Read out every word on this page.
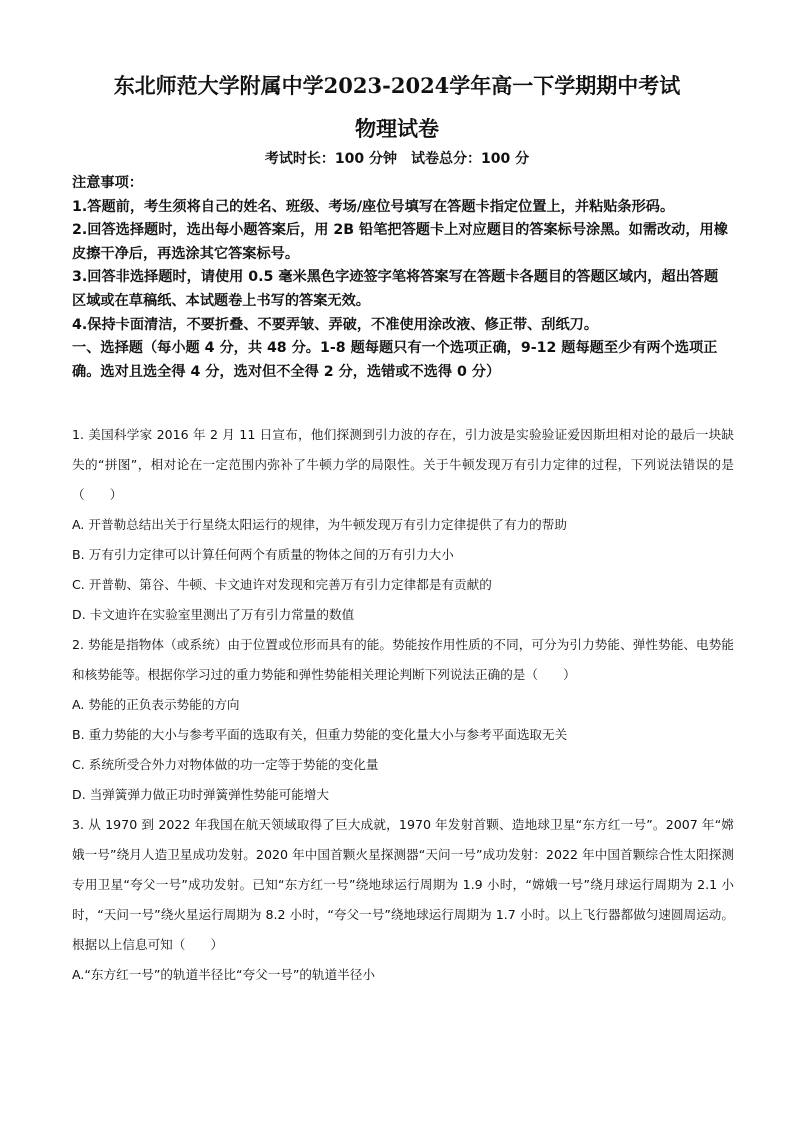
东北师范大学附属中学2023-2024学年高一下学期期中考试
物理试卷
考试时长：100 分钟　试卷总分：100 分

注意事项：

1.答题前，考生须将自己的姓名、班级、考场/座位号填写在答题卡指定位置上，并粘贴条形码。

2.回答选择题时，选出每小题答案后，用 2B 铅笔把答题卡上对应题目的答案标号涂黑。如需改动，用橡皮擦干净后，再选涂其它答案标号。

3.回答非选择题时，请使用 0.5 毫米黑色字迹签字笔将答案写在答题卡各题目的答题区域内，超出答题区域或在草稿纸、本试题卷上书写的答案无效。

4.保持卡面清洁，不要折叠、不要弄皱、弄破，不准使用涂改液、修正带、刮纸刀。

一、选择题（每小题 4 分，共 48 分。1-8 题每题只有一个选项正确，9-12 题每题至少有两个选项正确。选对且选全得 4 分，选对但不全得 2 分，选错或不选得 0 分）

1. 美国科学家 2016 年 2 月 11 日宣布，他们探测到引力波的存在，引力波是实验验证爱因斯坦相对论的最后一块缺失的“拼图”，相对论在一定范围内弥补了牛顿力学的局限性。关于牛顿发现万有引力定律的过程，下列说法错误的是（　　）

A. 开普勒总结出关于行星绕太阳运行的规律，为牛顿发现万有引力定律提供了有力的帮助

B. 万有引力定律可以计算任何两个有质量的物体之间的万有引力大小

C. 开普勒、第谷、牛顿、卡文迪许对发现和完善万有引力定律都是有贡献的

D. 卡文迪许在实验室里测出了万有引力常量的数值

2. 势能是指物体（或系统）由于位置或位形而具有的能。势能按作用性质的不同，可分为引力势能、弹性势能、电势能和核势能等。根据你学习过的重力势能和弹性势能相关理论判断下列说法正确的是（　　）

A. 势能的正负表示势能的方向

B. 重力势能的大小与参考平面的选取有关，但重力势能的变化量大小与参考平面选取无关

C. 系统所受合外力对物体做的功一定等于势能的变化量

D. 当弹簧弹力做正功时弹簧弹性势能可能增大

3. 从 1970 到 2022 年我国在航天领域取得了巨大成就，1970 年发射首颗、造地球卫星“东方红一号”。2007 年“嫦娥一号”绕月人造卫星成功发射。2020 年中国首颗火星探测器“天问一号”成功发射：2022 年中国首颗综合性太阳探测专用卫星“夸父一号”成功发射。已知“东方红一号”绕地球运行周期为 1.9 小时，“嫦娥一号”绕月球运行周期为 2.1 小时，“天问一号”绕火星运行周期为 8.2 小时，“夸父一号”绕地球运行周期为 1.7 小时。以上飞行器都做匀速圆周运动。根据以上信息可知（　　）

A.“东方红一号”的轨道半径比“夸父一号”的轨道半径小
